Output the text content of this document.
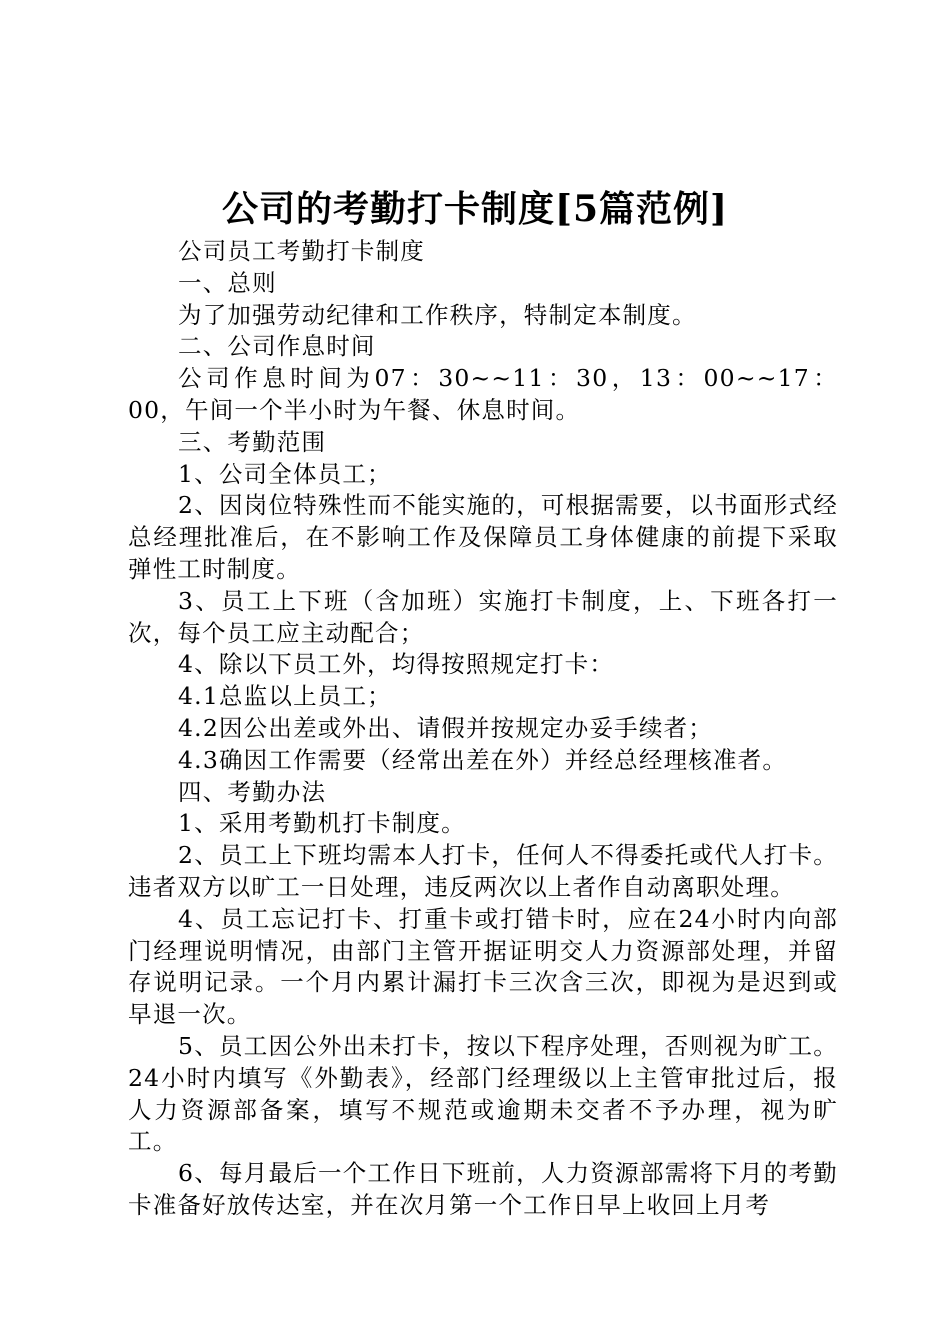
公司的考勤打卡制度[5篇范例]

公司员工考勤打卡制度

一、总则

为了加强劳动纪律和工作秩序，特制定本制度。

二、公司作息时间

公司作息时间为07：30~~11：30，13：00~~17：00，午间一个半小时为午餐、休息时间。

三、考勤范围

1、公司全体员工；

2、因岗位特殊性而不能实施的，可根据需要，以书面形式经总经理批准后，在不影响工作及保障员工身体健康的前提下采取弹性工时制度。

3、员工上下班（含加班）实施打卡制度，上、下班各打一次，每个员工应主动配合；

4、除以下员工外，均得按照规定打卡：

4.1总监以上员工；

4.2因公出差或外出、请假并按规定办妥手续者；

4.3确因工作需要（经常出差在外）并经总经理核准者。

四、考勤办法

1、采用考勤机打卡制度。

2、员工上下班均需本人打卡，任何人不得委托或代人打卡。违者双方以旷工一日处理，违反两次以上者作自动离职处理。

4、员工忘记打卡、打重卡或打错卡时，应在24小时内向部门经理说明情况，由部门主管开据证明交人力资源部处理，并留存说明记录。一个月内累计漏打卡三次含三次，即视为是迟到或早退一次。

5、员工因公外出未打卡，按以下程序处理，否则视为旷工。24小时内填写《外勤表》，经部门经理级以上主管审批过后，报人力资源部备案，填写不规范或逾期未交者不予办理，视为旷工。

6、每月最后一个工作日下班前，人力资源部需将下月的考勤卡准备好放传达室，并在次月第一个工作日早上收回上月考
